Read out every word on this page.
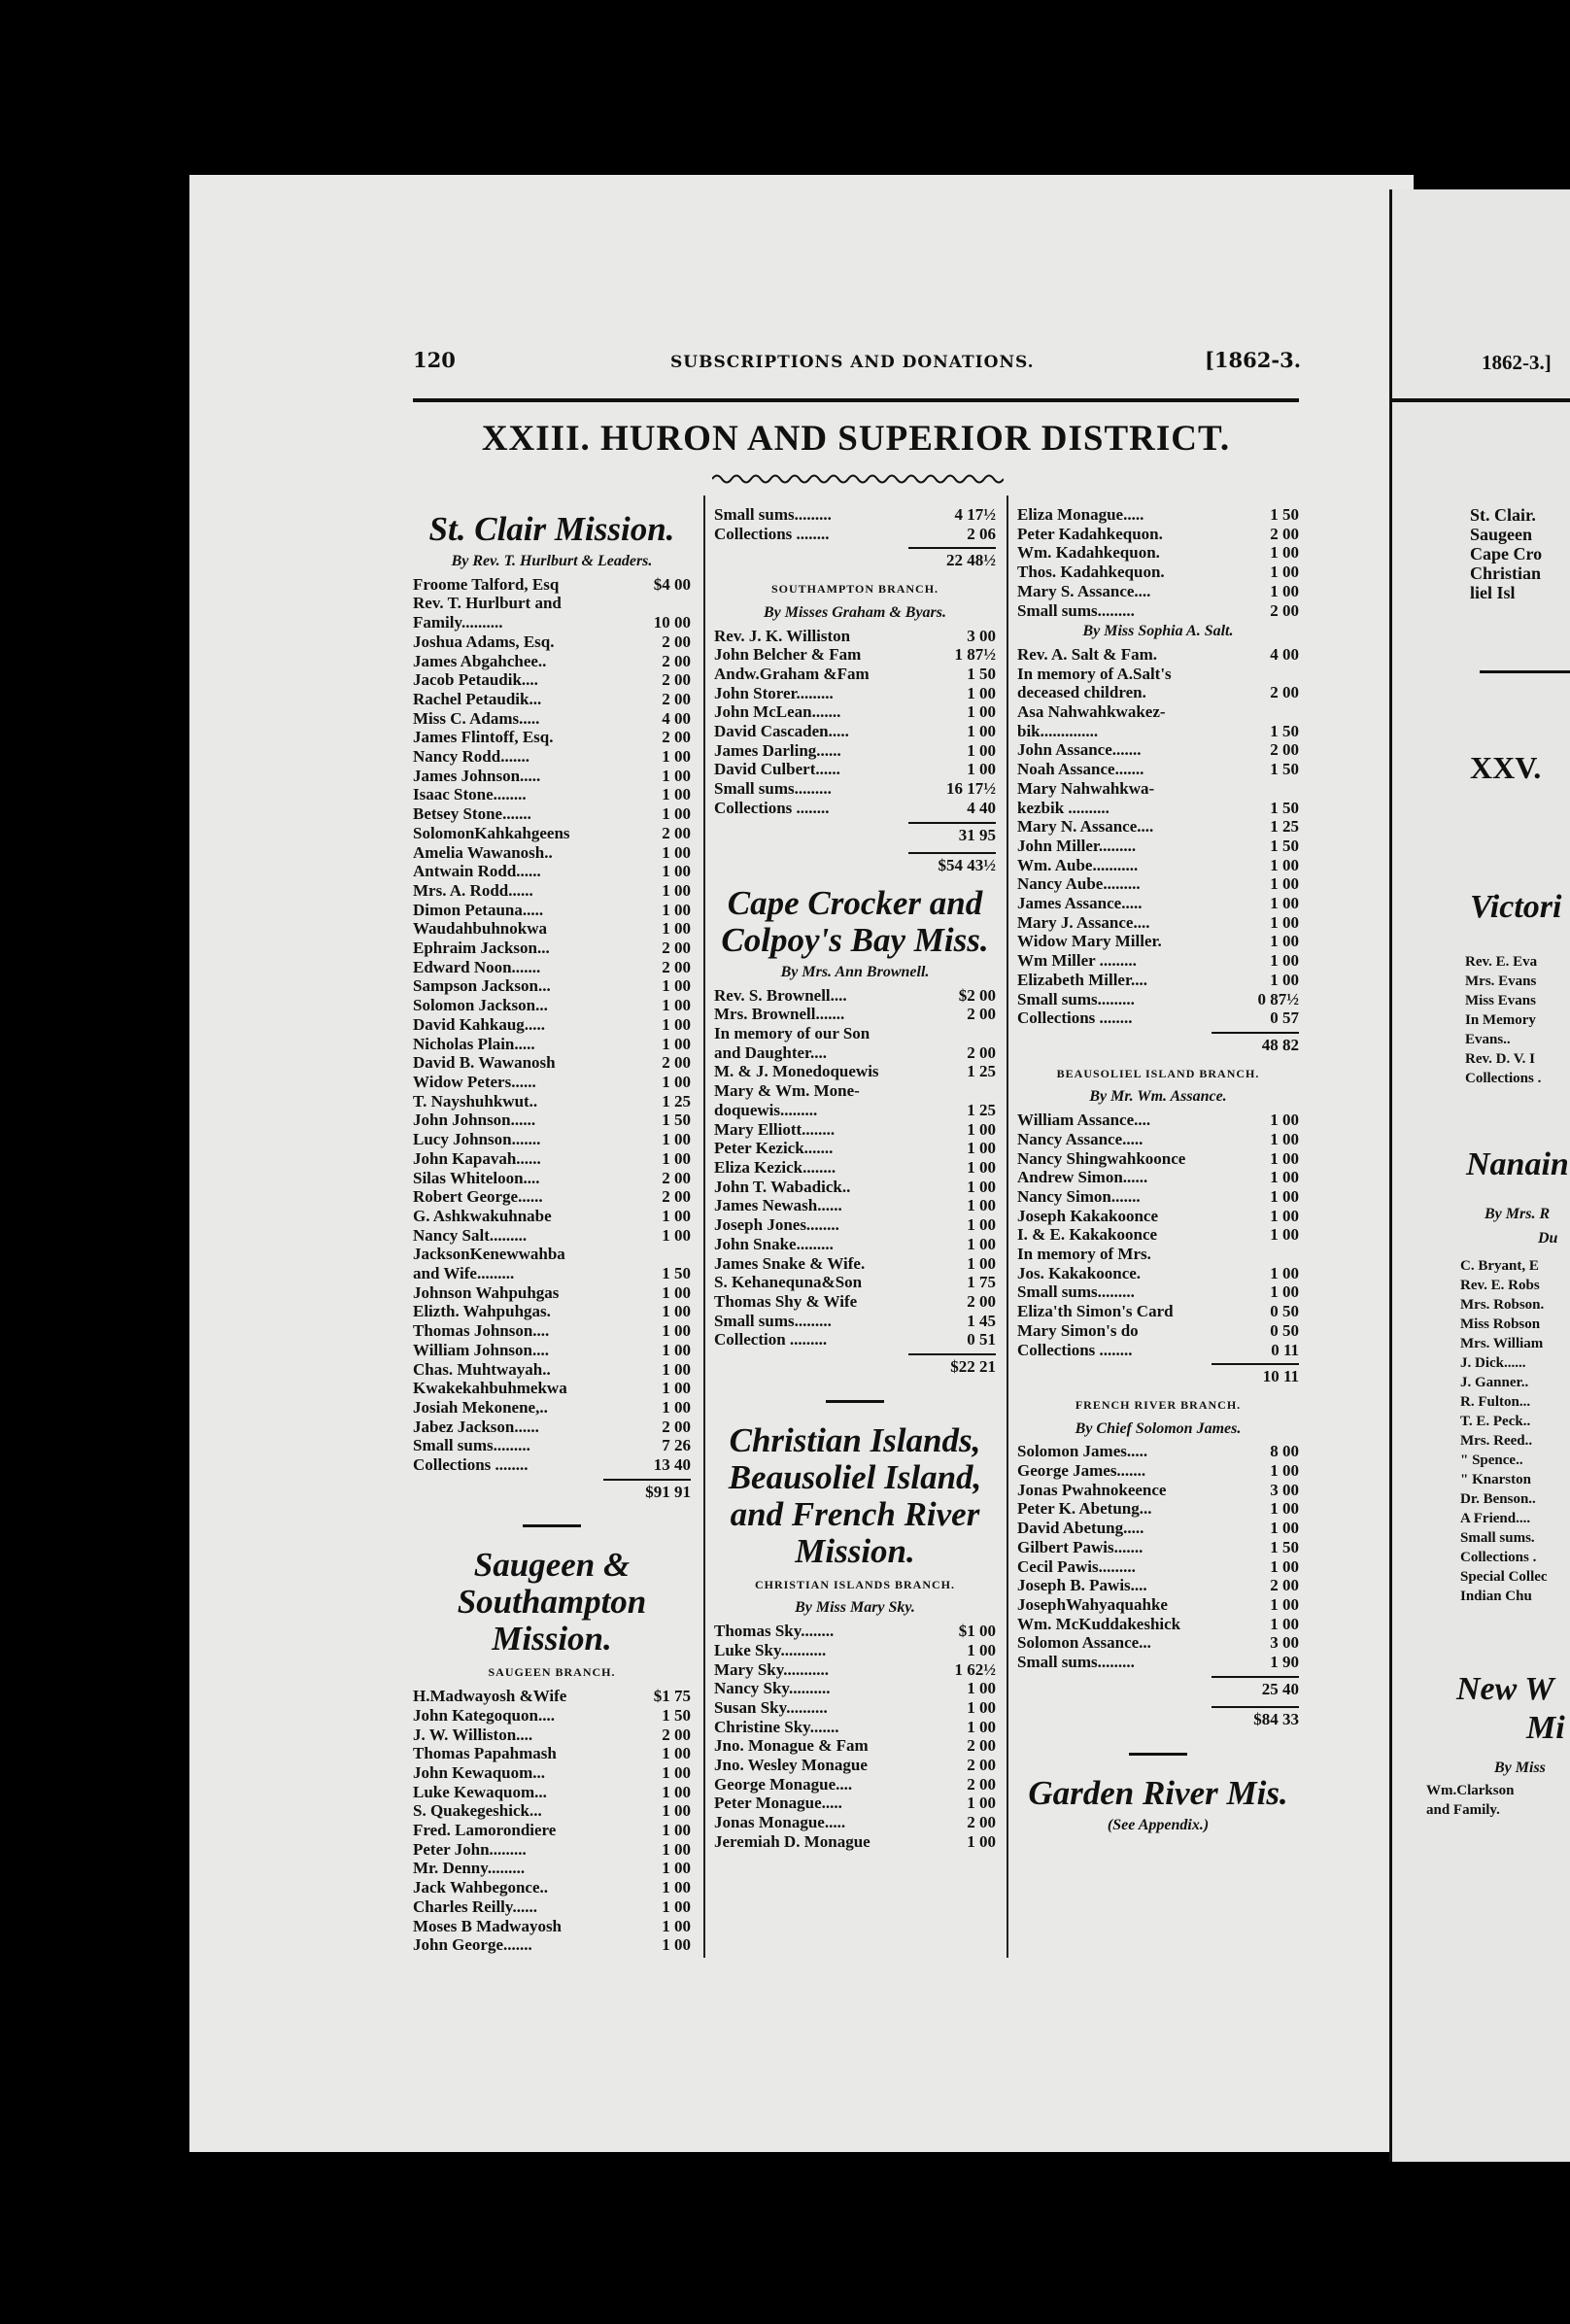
120	SUBSCRIPTIONS AND DONATIONS.	[1862-3.
XXIII. HURON AND SUPERIOR DISTRICT.
St. Clair Mission.
By Rev. T. Hurlburt & Leaders.
Froome Talford, Esq	$4 00
Rev. T. Hurlburt and
Family..........	10 00
Joshua Adams, Esq.	2 00
James Abgahchee..	2 00
Jacob Petaudik....	2 00
Rachel Petaudik...	2 00
Miss C. Adams.....	4 00
James Flintoff, Esq.	2 00
Nancy Rodd.......	1 00
James Johnson.....	1 00
Isaac Stone........	1 00
Betsey Stone.......	1 00
SolomonKahkahgeens	2 00
Amelia Wawanosh..	1 00
Antwain Rodd......	1 00
Mrs. A. Rodd......	1 00
Dimon Petauna.....	1 00
Waudahbuhnokwa	1 00
Ephraim Jackson...	2 00
Edward Noon.......	2 00
Sampson Jackson...	1 00
Solomon Jackson...	1 00
David Kahkaug.....	1 00
Nicholas Plain.....	1 00
David B. Wawanosh	2 00
Widow Peters......	1 00
T. Nayshuhkwut..	1 25
John Johnson......	1 50
Lucy Johnson.......	1 00
John Kapavah......	1 00
Silas Whiteloon....	2 00
Robert George......	2 00
G. Ashkwakuhnabe	1 00
Nancy Salt.........	1 00
JacksonKenewwahba
and Wife.........	1 50
Johnson Wahpuhgas	1 00
Elizth. Wahpuhgas.	1 00
Thomas Johnson....	1 00
William Johnson....	1 00
Chas. Muhtwayah..	1 00
Kwakekahbuhmekwa	1 00
Josiah Mekonene,..	1 00
Jabez Jackson......	2 00
Small sums.........	7 26
Collections ........	13 40
$91 91
Saugeen & Southampton Mission.
SAUGEEN BRANCH.
H.Madwayosh &Wife	$1 75
John Kategoquon....	1 50
J. W. Williston....	2 00
Thomas Papahmash	1 00
John Kewaquom...	1 00
Luke Kewaquom...	1 00
S. Quakegeshick...	1 00
Fred. Lamorondiere	1 00
Peter John.........	1 00
Mr. Denny.........	1 00
Jack Wahbegonce..	1 00
Charles Reilly......	1 00
Moses B Madwayosh	1 00
John George.......	1 00
Small sums.........	4 17½
Collections ........	2 06
22 48½
SOUTHAMPTON BRANCH.
By Misses Graham & Byars.
Rev. J. K. Williston	3 00
John Belcher & Fam	1 87½
Andw.Graham &Fam	1 50
John Storer.........	1 00
John McLean.......	1 00
David Cascaden.....	1 00
James Darling......	1 00
David Culbert......	1 00
Small sums.........	16 17½
Collections ........	4 40
31 95
$54 43½
Cape Crocker and Colpoy's Bay Miss.
By Mrs. Ann Brownell.
Rev. S. Brownell....	$2 00
Mrs. Brownell.......	2 00
In memory of our Son
and Daughter....	2 00
M. & J. Monedoquewis	1 25
Mary & Wm. Mone-
doquewis.........	1 25
Mary Elliott........	1 00
Peter Kezick.......	1 00
Eliza Kezick........	1 00
John T. Wabadick..	1 00
James Newash......	1 00
Joseph Jones........	1 00
John Snake.........	1 00
James Snake & Wife.	1 00
S. Kehanequna&Son	1 75
Thomas Shy & Wife	2 00
Small sums.........	1 45
Collection .........	0 51
$22 21
Christian Islands, Beausoliel Island, and French River Mission.
CHRISTIAN ISLANDS BRANCH.
By Miss Mary Sky.
Thomas Sky........	$1 00
Luke Sky...........	1 00
Mary Sky...........	1 62½
Nancy Sky..........	1 00
Susan Sky..........	1 00
Christine Sky.......	1 00
Jno. Monague & Fam	2 00
Jno. Wesley Monague	2 00
George Monague....	2 00
Peter Monague.....	1 00
Jonas Monague.....	2 00
Jeremiah D. Monague	1 00
Eliza Monague.....	1 50
Peter Kadahkequon.	2 00
Wm. Kadahkequon.	1 00
Thos. Kadahkequon.	1 00
Mary S. Assance....	1 00
Small sums.........	2 00
By Miss Sophia A. Salt.
Rev. A. Salt & Fam.	4 00
In memory of A.Salt's
deceased children.	2 00
Asa Nahwahkwakez-
bik..............	1 50
John Assance.......	2 00
Noah Assance.......	1 50
Mary Nahwahkwa-
kezbik ..........	1 50
Mary N. Assance....	1 25
John Miller.........	1 50
Wm. Aube...........	1 00
Nancy Aube.........	1 00
James Assance.....	1 00
Mary J. Assance....	1 00
Widow Mary Miller.	1 00
Wm Miller .........	1 00
Elizabeth Miller....	1 00
Small sums.........	0 87½
Collections ........	0 57
48 82
BEAUSOLIEL ISLAND BRANCH.
By Mr. Wm. Assance.
William Assance....	1 00
Nancy Assance.....	1 00
Nancy Shingwahkoonce	1 00
Andrew Simon......	1 00
Nancy Simon.......	1 00
Joseph Kakakoonce	1 00
I. & E. Kakakoonce	1 00
In memory of Mrs.
Jos. Kakakoonce.	1 00
Small sums.........	1 00
Eliza'th Simon's Card	0 50
Mary Simon's do	0 50
Collections ........	0 11
10 11
FRENCH RIVER BRANCH.
By Chief Solomon James.
Solomon James.....	8 00
George James.......	1 00
Jonas Pwahnokeence	3 00
Peter K. Abetung...	1 00
David Abetung.....	1 00
Gilbert Pawis.......	1 50
Cecil Pawis.........	1 00
Joseph B. Pawis....	2 00
JosephWahyaquahke	1 00
Wm. McKuddakeshick	1 00
Solomon Assance...	3 00
Small sums.........	1 90
25 40
$84 33
Garden River Mis.
(See Appendix.)
1862-3.]
St. Clair.
Saugeen
Cape Cro
Christian
liel Isl
XXV.
Victori
Rev. E. Eva
Mrs. Evans
Miss Evans
In Memory
Evans..
Rev. D. V. I
Collections .
Nanain
By Mrs. R
Du
C. Bryant, E
Rev. E. Robs
Mrs. Robson.
Miss Robson
Mrs. William
J. Dick......
J. Ganner..
R. Fulton...
T. E. Peck..
Mrs. Reed..
" Spence..
" Knarston
Dr. Benson..
A Friend....
Small sums.
Collections .
Special Collec
Indian Chu
New W
Mi
By Miss
Wm.Clarkson
and Family.
